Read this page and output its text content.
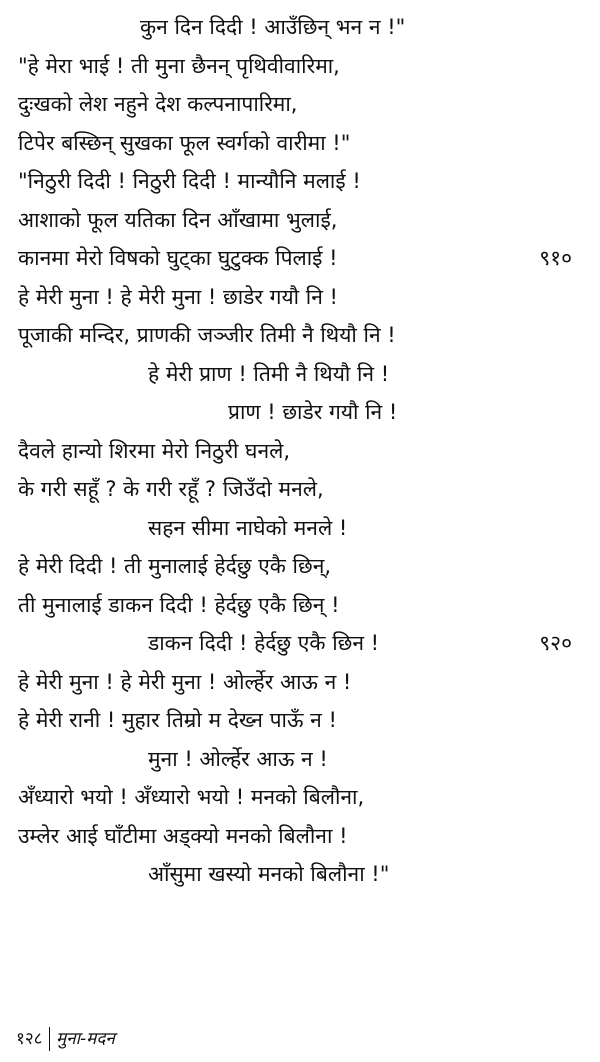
कुन दिन दिदी ! आउँछिन् भन न !"
"हे मेरा भाई ! ती मुना छैनन् पृथिवीवारिमा,
दुःखको लेश नहुने देश कल्पनापारिमा,
टिपेर बस्छिन् सुखका फूल स्वर्गको वारीमा !"
"निठुरी दिदी ! निठुरी दिदी ! मान्यौनि मलाई !
आशाको फूल यतिका दिन आँखामा भुलाई,
कानमा मेरो विषको घुट्का घुटुक्क पिलाई !	९१०
हे मेरी मुना ! हे मेरी मुना ! छाडेर गयौ नि !
पूजाकी मन्दिर, प्राणकी जञ्जीर तिमी नै थियौ नि !
हे मेरी प्राण ! तिमी नै थियौ नि !
प्राण ! छाडेर गयौ नि !
दैवले हान्यो शिरमा मेरो निठुरी घनले,
के गरी सहूँ ? के गरी रहूँ ? जिउँदो मनले,
सहन सीमा नाघेको मनले !
हे मेरी दिदी ! ती मुनालाई हेर्दछु एकै छिन्,
ती मुनालाई डाकन दिदी ! हेर्दछु एकै छिन् !
डाकन दिदी ! हेर्दछु एकै छिन !	९२०
हे मेरी मुना ! हे मेरी मुना ! ओर्ल्हेर आऊ न !
हे मेरी रानी ! मुहार तिम्रो म देख्न पाऊँ न !
मुना ! ओर्ल्हेर आऊ न !
अँध्यारो भयो ! अँध्यारो भयो ! मनको बिलौना,
उम्लेर आई घाँटीमा अड्क्यो मनको बिलौना !
आँसुमा खस्यो मनको बिलौना !"
१२८ मुना-मदन
